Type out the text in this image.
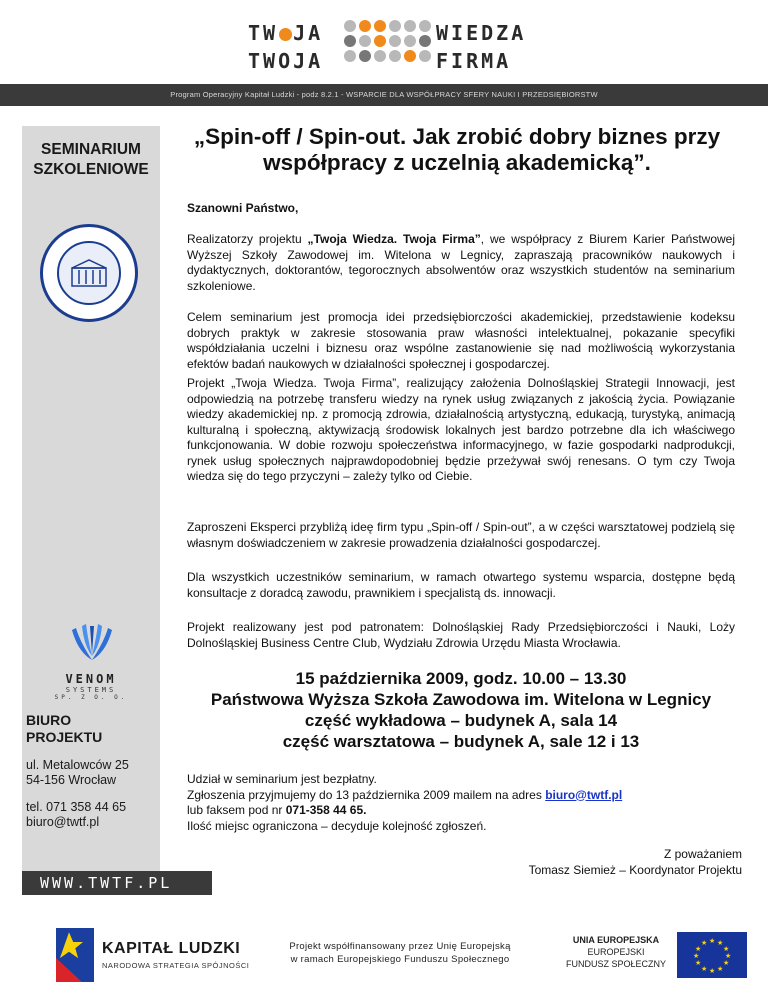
TW JA
TWOJA
WIEDZA
FIRMA
Program Operacyjny Kapitał Ludzki - podz 8.2.1 - WSPARCIE DLA WSPÓŁPRACY SFERY NAUKI I PRZEDSIĘBIORSTW
SEMINARIUM
SZKOLENIOWE
VENOM
SYSTEMS
SP. Z O. O.
BIURO
PROJEKTU
ul. Metalowców 25
54-156 Wrocław
tel. 071 358 44 65
biuro@twtf.pl
„Spin-off / Spin-out. Jak zrobić dobry biznes przy
współpracy z uczelnią akademicką”.
Szanowni Państwo,
Realizatorzy projektu „Twoja Wiedza. Twoja Firma”, we współpracy z Biurem Karier Państwowej Wyższej Szkoły Zawodowej im. Witelona w Legnicy, zapraszają pracowników naukowych i dydaktycznych, doktorantów, tegorocznych absolwentów oraz wszystkich studentów na seminarium szkoleniowe.
Celem seminarium jest promocja idei przedsiębiorczości akademickiej, przedstawienie kodeksu dobrych praktyk w zakresie stosowania praw własności intelektualnej, pokazanie specyfiki współdziałania uczelni i biznesu oraz wspólne zastanowienie się nad możliwością wykorzystania efektów badań naukowych w działalności społecznej i gospodarczej.
Projekt „Twoja Wiedza. Twoja Firma”, realizujący założenia Dolnośląskiej Strategii Innowacji, jest odpowiedzią na potrzebę transferu wiedzy na rynek usług związanych z jakością życia. Powiązanie wiedzy akademickiej np. z promocją zdrowia, działalnością artystyczną, edukacją, turystyką, animacją kulturalną i społeczną, aktywizacją środowisk lokalnych jest bardzo potrzebne dla ich właściwego funkcjonowania. W dobie rozwoju społeczeństwa informacyjnego, w fazie gospodarki nadprodukcji, rynek usług społecznych najprawdopodobniej będzie przeżywał swój renesans. O tym czy Twoja wiedza się do tego przyczyni – zależy tylko od Ciebie.
Zaproszeni Eksperci przybliżą ideę firm typu „Spin-off / Spin-out”, a w części warsztatowej podzielą się własnym doświadczeniem w zakresie prowadzenia działalności gospodarczej.
Dla wszystkich uczestników seminarium, w ramach otwartego systemu wsparcia, dostępne będą konsultacje z doradcą zawodu, prawnikiem i specjalistą ds. innowacji.
Projekt realizowany jest pod patronatem: Dolnośląskiej Rady Przedsiębiorczości i Nauki, Loży Dolnośląskiej Business Centre Club, Wydziału Zdrowia Urzędu Miasta Wrocławia.
15 października 2009, godz. 10.00 – 13.30
Państwowa Wyższa Szkoła Zawodowa im. Witelona w Legnicy
część wykładowa – budynek A, sala 14
część warsztatowa – budynek A, sale 12 i 13
Udział w seminarium jest bezpłatny.
Zgłoszenia przyjmujemy do 13 października 2009 mailem na adres biuro@twtf.pl
lub faksem pod nr 071-358 44 65.
Ilość miejsc ograniczona – decyduje kolejność zgłoszeń.
Z poważaniem
Tomasz Siemież – Koordynator Projektu
WWW.TWTF.PL
KAPITAŁ LUDZKI
NARODOWA STRATEGIA SPÓJNOŚCI
Projekt współfinansowany przez Unię Europejską
w ramach Europejskiego Funduszu Społecznego
UNIA EUROPEJSKA
EUROPEJSKI
FUNDUSZ SPOŁECZNY
★ ★
★
★
★
★
★
★
★
★
★
★
